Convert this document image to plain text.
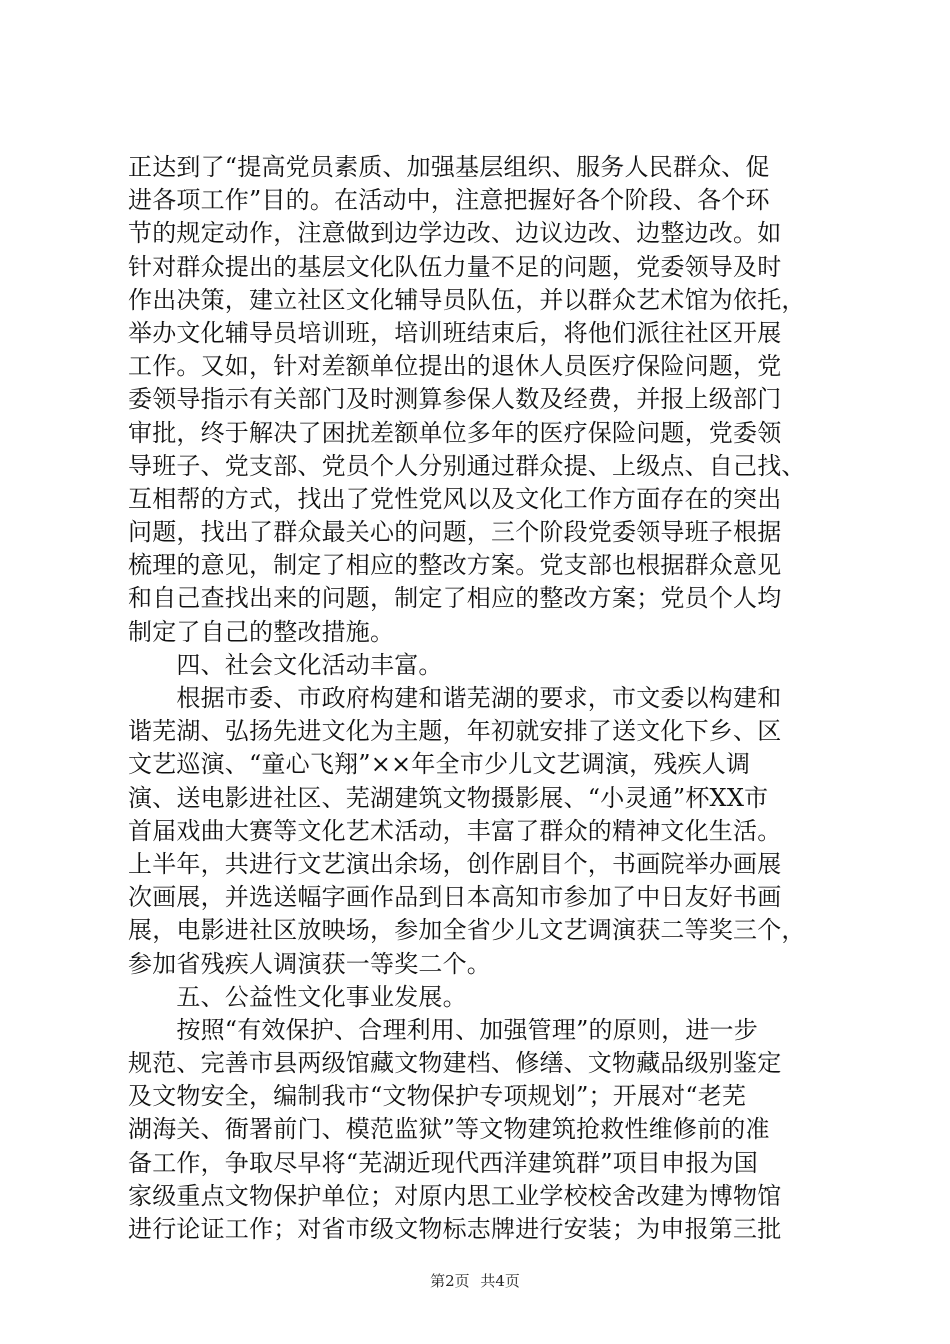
正达到了“提高党员素质、加强基层组织、服务人民群众、促
进各项工作”目的。在活动中，注意把握好各个阶段、各个环
节的规定动作，注意做到边学边改、边议边改、边整边改。如
针对群众提出的基层文化队伍力量不足的问题，党委领导及时
作出决策，建立社区文化辅导员队伍，并以群众艺术馆为依托，
举办文化辅导员培训班，培训班结束后，将他们派往社区开展
工作。又如，针对差额单位提出的退休人员医疗保险问题，党
委领导指示有关部门及时测算参保人数及经费，并报上级部门
审批，终于解决了困扰差额单位多年的医疗保险问题，党委领
导班子、党支部、党员个人分别通过群众提、上级点、自己找、
互相帮的方式，找出了党性党风以及文化工作方面存在的突出
问题，找出了群众最关心的问题，三个阶段党委领导班子根据
梳理的意见，制定了相应的整改方案。党支部也根据群众意见
和自己查找出来的问题，制定了相应的整改方案；党员个人均
制定了自己的整改措施。
　　四、社会文化活动丰富。
　　根据市委、市政府构建和谐芜湖的要求，市文委以构建和
谐芜湖、弘扬先进文化为主题，年初就安排了送文化下乡、区
文艺巡演、“童心飞翔”××年全市少儿文艺调演，残疾人调
演、送电影进社区、芜湖建筑文物摄影展、“小灵通”杯XX市
首届戏曲大赛等文化艺术活动，丰富了群众的精神文化生活。
上半年，共进行文艺演出余场，创作剧目个，书画院举办画展
次画展，并选送幅字画作品到日本高知市参加了中日友好书画
展，电影进社区放映场，参加全省少儿文艺调演获二等奖三个，
参加省残疾人调演获一等奖二个。
　　五、公益性文化事业发展。
　　按照“有效保护、合理利用、加强管理”的原则，进一步
规范、完善市县两级馆藏文物建档、修缮、文物藏品级别鉴定
及文物安全，编制我市“文物保护专项规划”；开展对“老芜
湖海关、衙署前门、模范监狱”等文物建筑抢救性维修前的准
备工作，争取尽早将“芜湖近现代西洋建筑群”项目申报为国
家级重点文物保护单位；对原内思工业学校校舍改建为博物馆
进行论证工作；对省市级文物标志牌进行安装；为申报第三批
第2页 共4页
